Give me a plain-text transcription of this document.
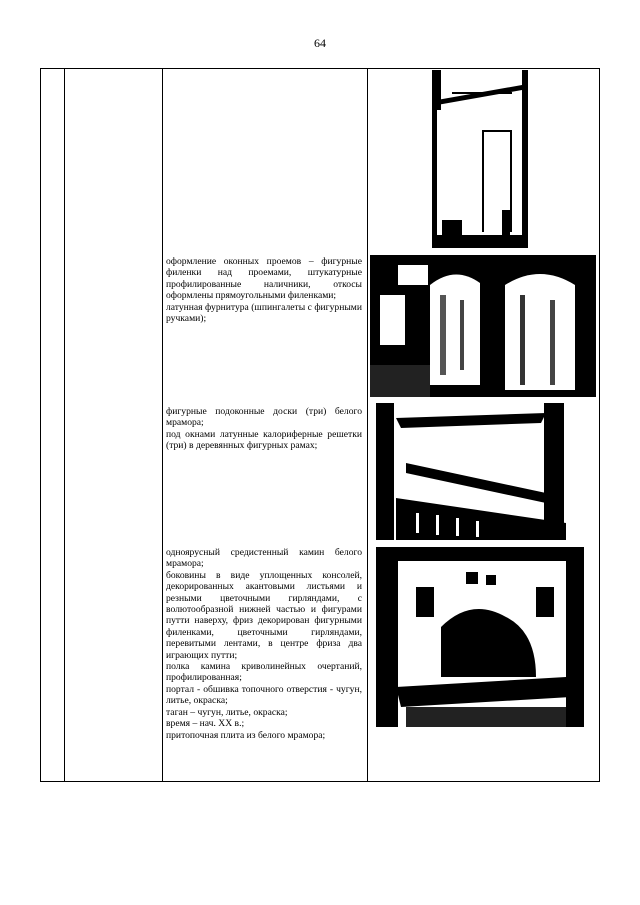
64

оформление оконных проемов – фигурные филенки над проемами, штукатурные профилированные наличники, откосы оформлены прямоугольными филенками;

латунная фурнитура (шпингалеты с фигурными ручками);

фигурные подоконные доски (три) белого мрамора;

под окнами латунные калориферные решетки (три) в деревянных фигурных рамах;

одноярусный средистенный камин белого мрамора;

боковины в виде уплощенных консолей, декорированных акантовыми листьями и резными цветочными гирляндами, с волютообразной нижней частью и фигурами путти наверху, фриз декорирован фигурными филенками, цветочными гирляндами, перевитыми лентами, в центре фриза два играющих путти;

полка камина криволинейных очертаний, профилированная;

портал - обшивка топочного отверстия - чугун, литье, окраска;

таган – чугун, литье, окраска;

время – нач. XX в.;

притопочная плита из белого мрамора;
